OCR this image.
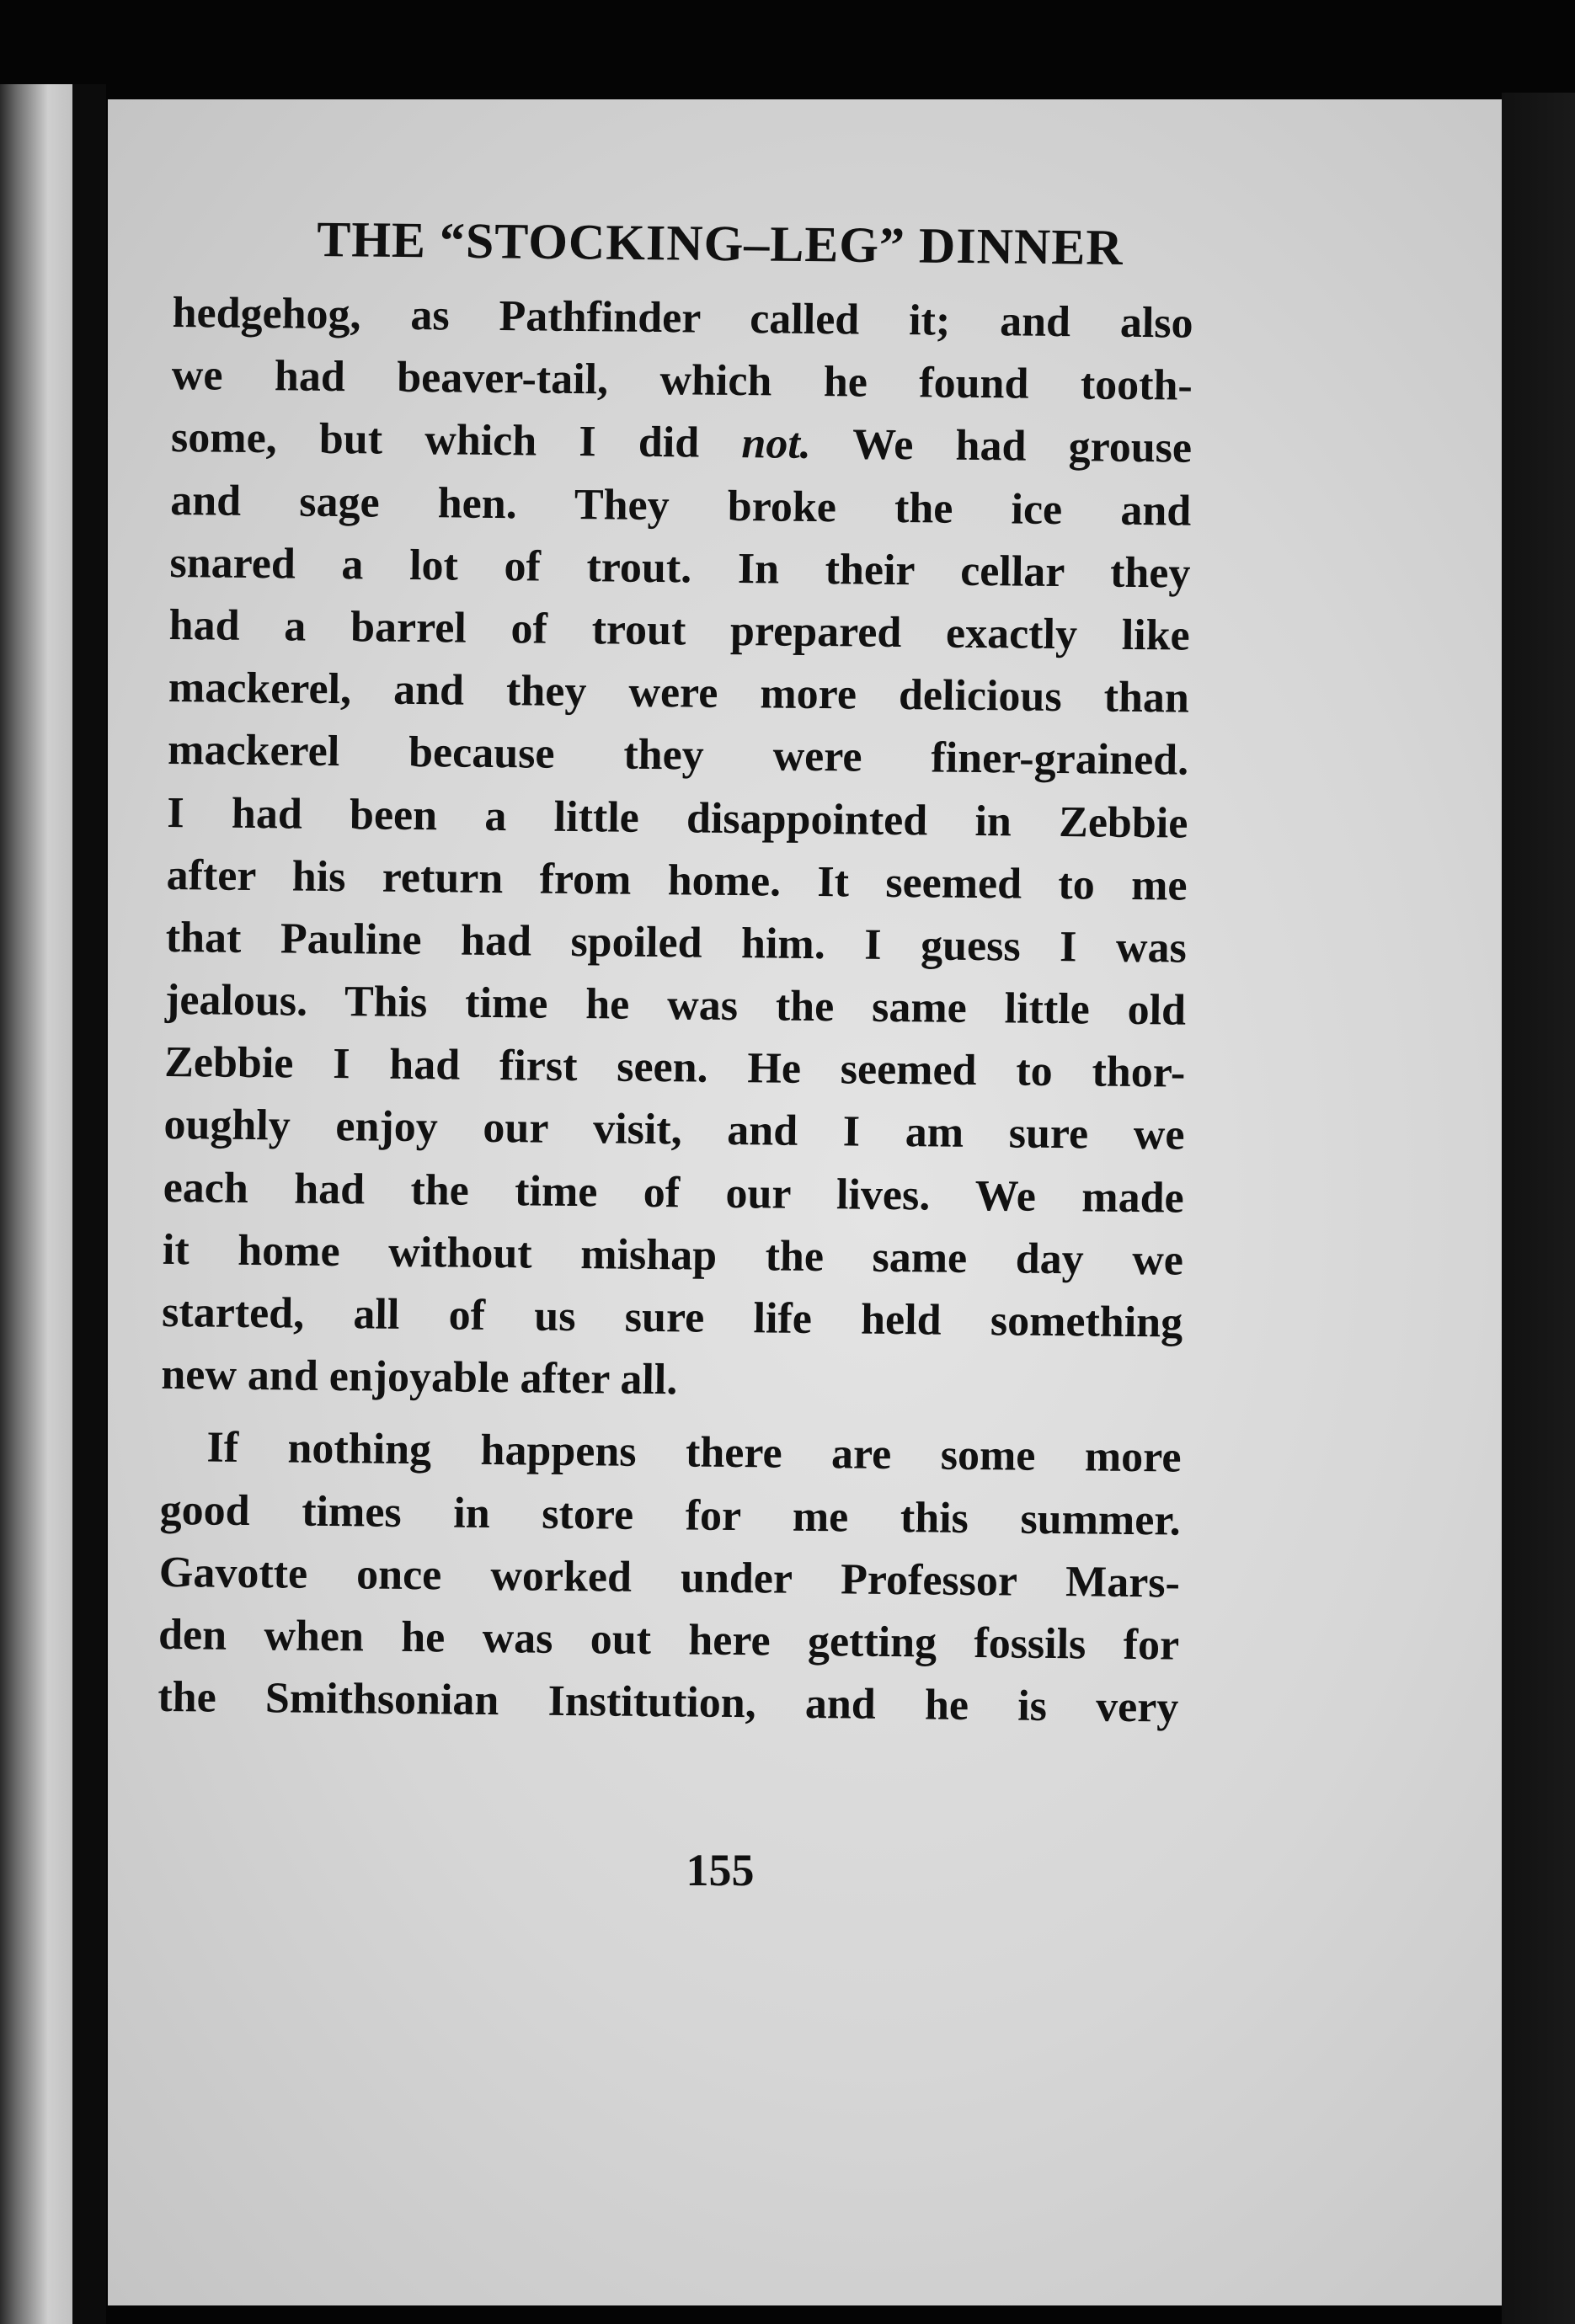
THE “STOCKING–LEG” DINNER
hedgehog, as Pathfinder called it; and also
we had beaver-tail, which he found tooth-
some, but which I did not. We had grouse
and sage hen. They broke the ice and
snared a lot of trout. In their cellar they
had a barrel of trout prepared exactly like
mackerel, and they were more delicious than
mackerel because they were finer-grained.
I had been a little disappointed in Zebbie
after his return from home. It seemed to me
that Pauline had spoiled him. I guess I was
jealous. This time he was the same little old
Zebbie I had first seen. He seemed to thor-
oughly enjoy our visit, and I am sure we
each had the time of our lives. We made
it home without mishap the same day we
started, all of us sure life held something
new and enjoyable after all.
If nothing happens there are some more
good times in store for me this summer.
Gavotte once worked under Professor Mars-
den when he was out here getting fossils for
the Smithsonian Institution, and he is very
155
